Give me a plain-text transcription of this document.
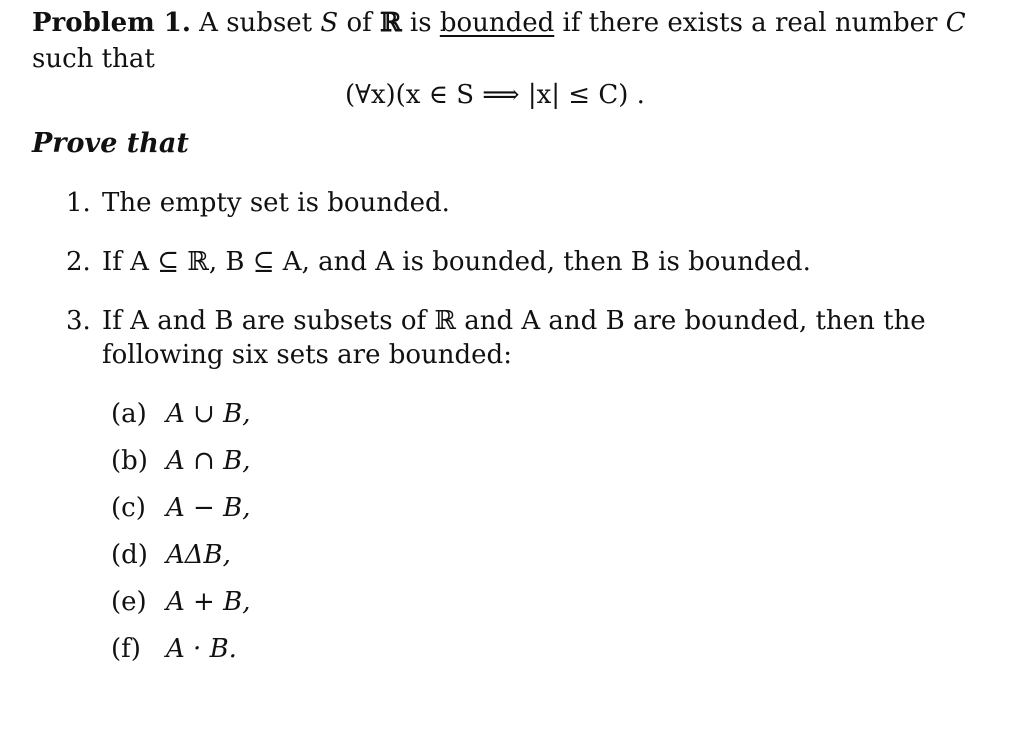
Problem 1. A subset S of ℝ is bounded if there exists a real number C
such that
(∀x)(x ∈ S ⟹ |x| ≤ C) .
Prove that
1. The empty set is bounded.
2. If A ⊆ ℝ, B ⊆ A, and A is bounded, then B is bounded.
3. If A and B are subsets of ℝ and A and B are bounded, then the
following six sets are bounded:
(a) A ∪ B,
(b) A ∩ B,
(c) A − B,
(d) AΔB,
(e) A + B,
(f) A · B.
